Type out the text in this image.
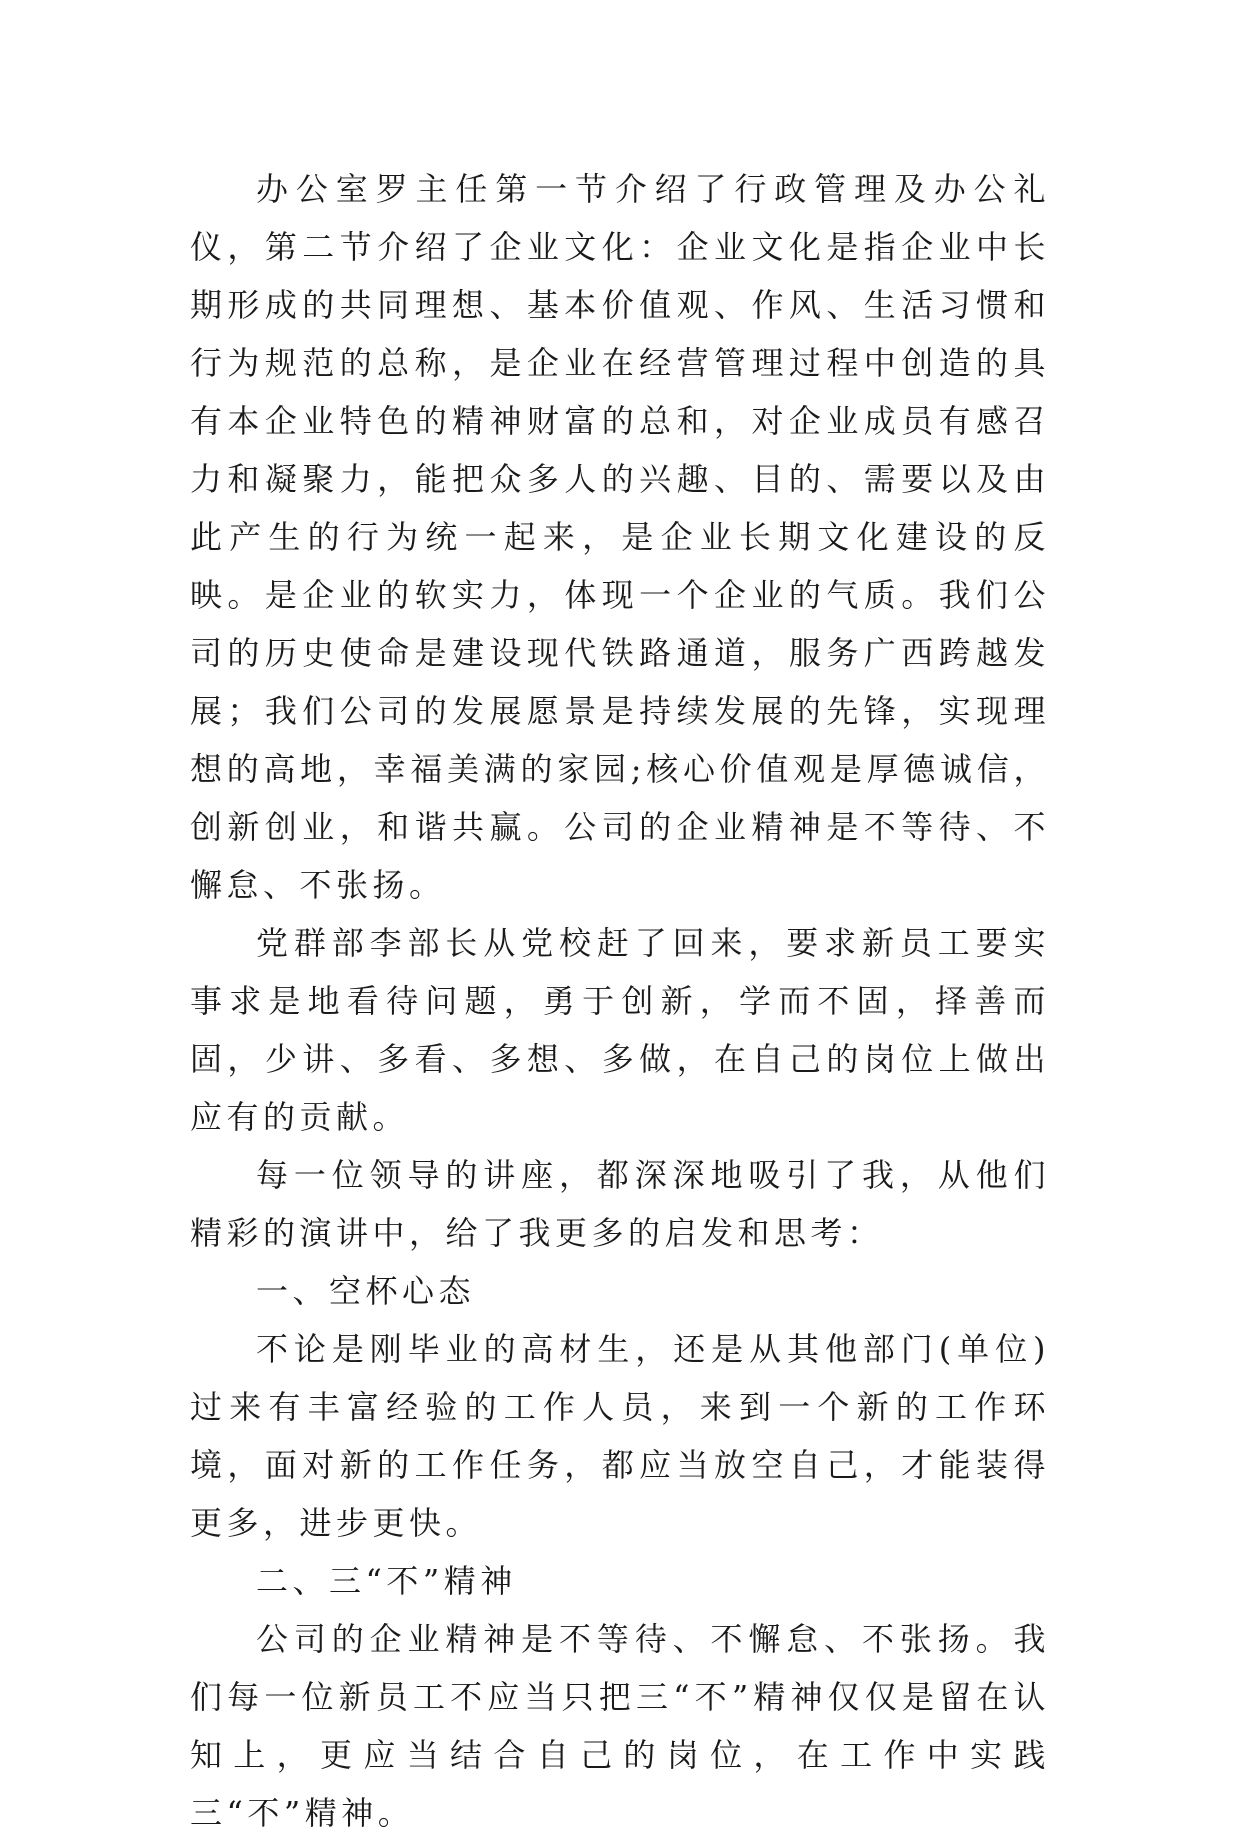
办公室罗主任第一节介绍了行政管理及办公礼仪，第二节介绍了企业文化：企业文化是指企业中长期形成的共同理想、基本价值观、作风、生活习惯和行为规范的总称，是企业在经营管理过程中创造的具有本企业特色的精神财富的总和，对企业成员有感召力和凝聚力，能把众多人的兴趣、目的、需要以及由此产生的行为统一起来，是企业长期文化建设的反映。是企业的软实力，体现一个企业的气质。我们公司的历史使命是建设现代铁路通道，服务广西跨越发展；我们公司的发展愿景是持续发展的先锋，实现理想的高地，幸福美满的家园;核心价值观是厚德诚信，创新创业，和谐共赢。公司的企业精神是不等待、不懈怠、不张扬。

党群部李部长从党校赶了回来，要求新员工要实事求是地看待问题，勇于创新，学而不固，择善而固，少讲、多看、多想、多做，在自己的岗位上做出应有的贡献。

每一位领导的讲座，都深深地吸引了我，从他们精彩的演讲中，给了我更多的启发和思考：

一、空杯心态

不论是刚毕业的高材生，还是从其他部门(单位)过来有丰富经验的工作人员，来到一个新的工作环境，面对新的工作任务，都应当放空自己，才能装得更多，进步更快。

二、三“不”精神

公司的企业精神是不等待、不懈怠、不张扬。我们每一位新员工不应当只把三“不”精神仅仅是留在认知上，更应当结合自己的岗位，在工作中实践三“不”精神。
